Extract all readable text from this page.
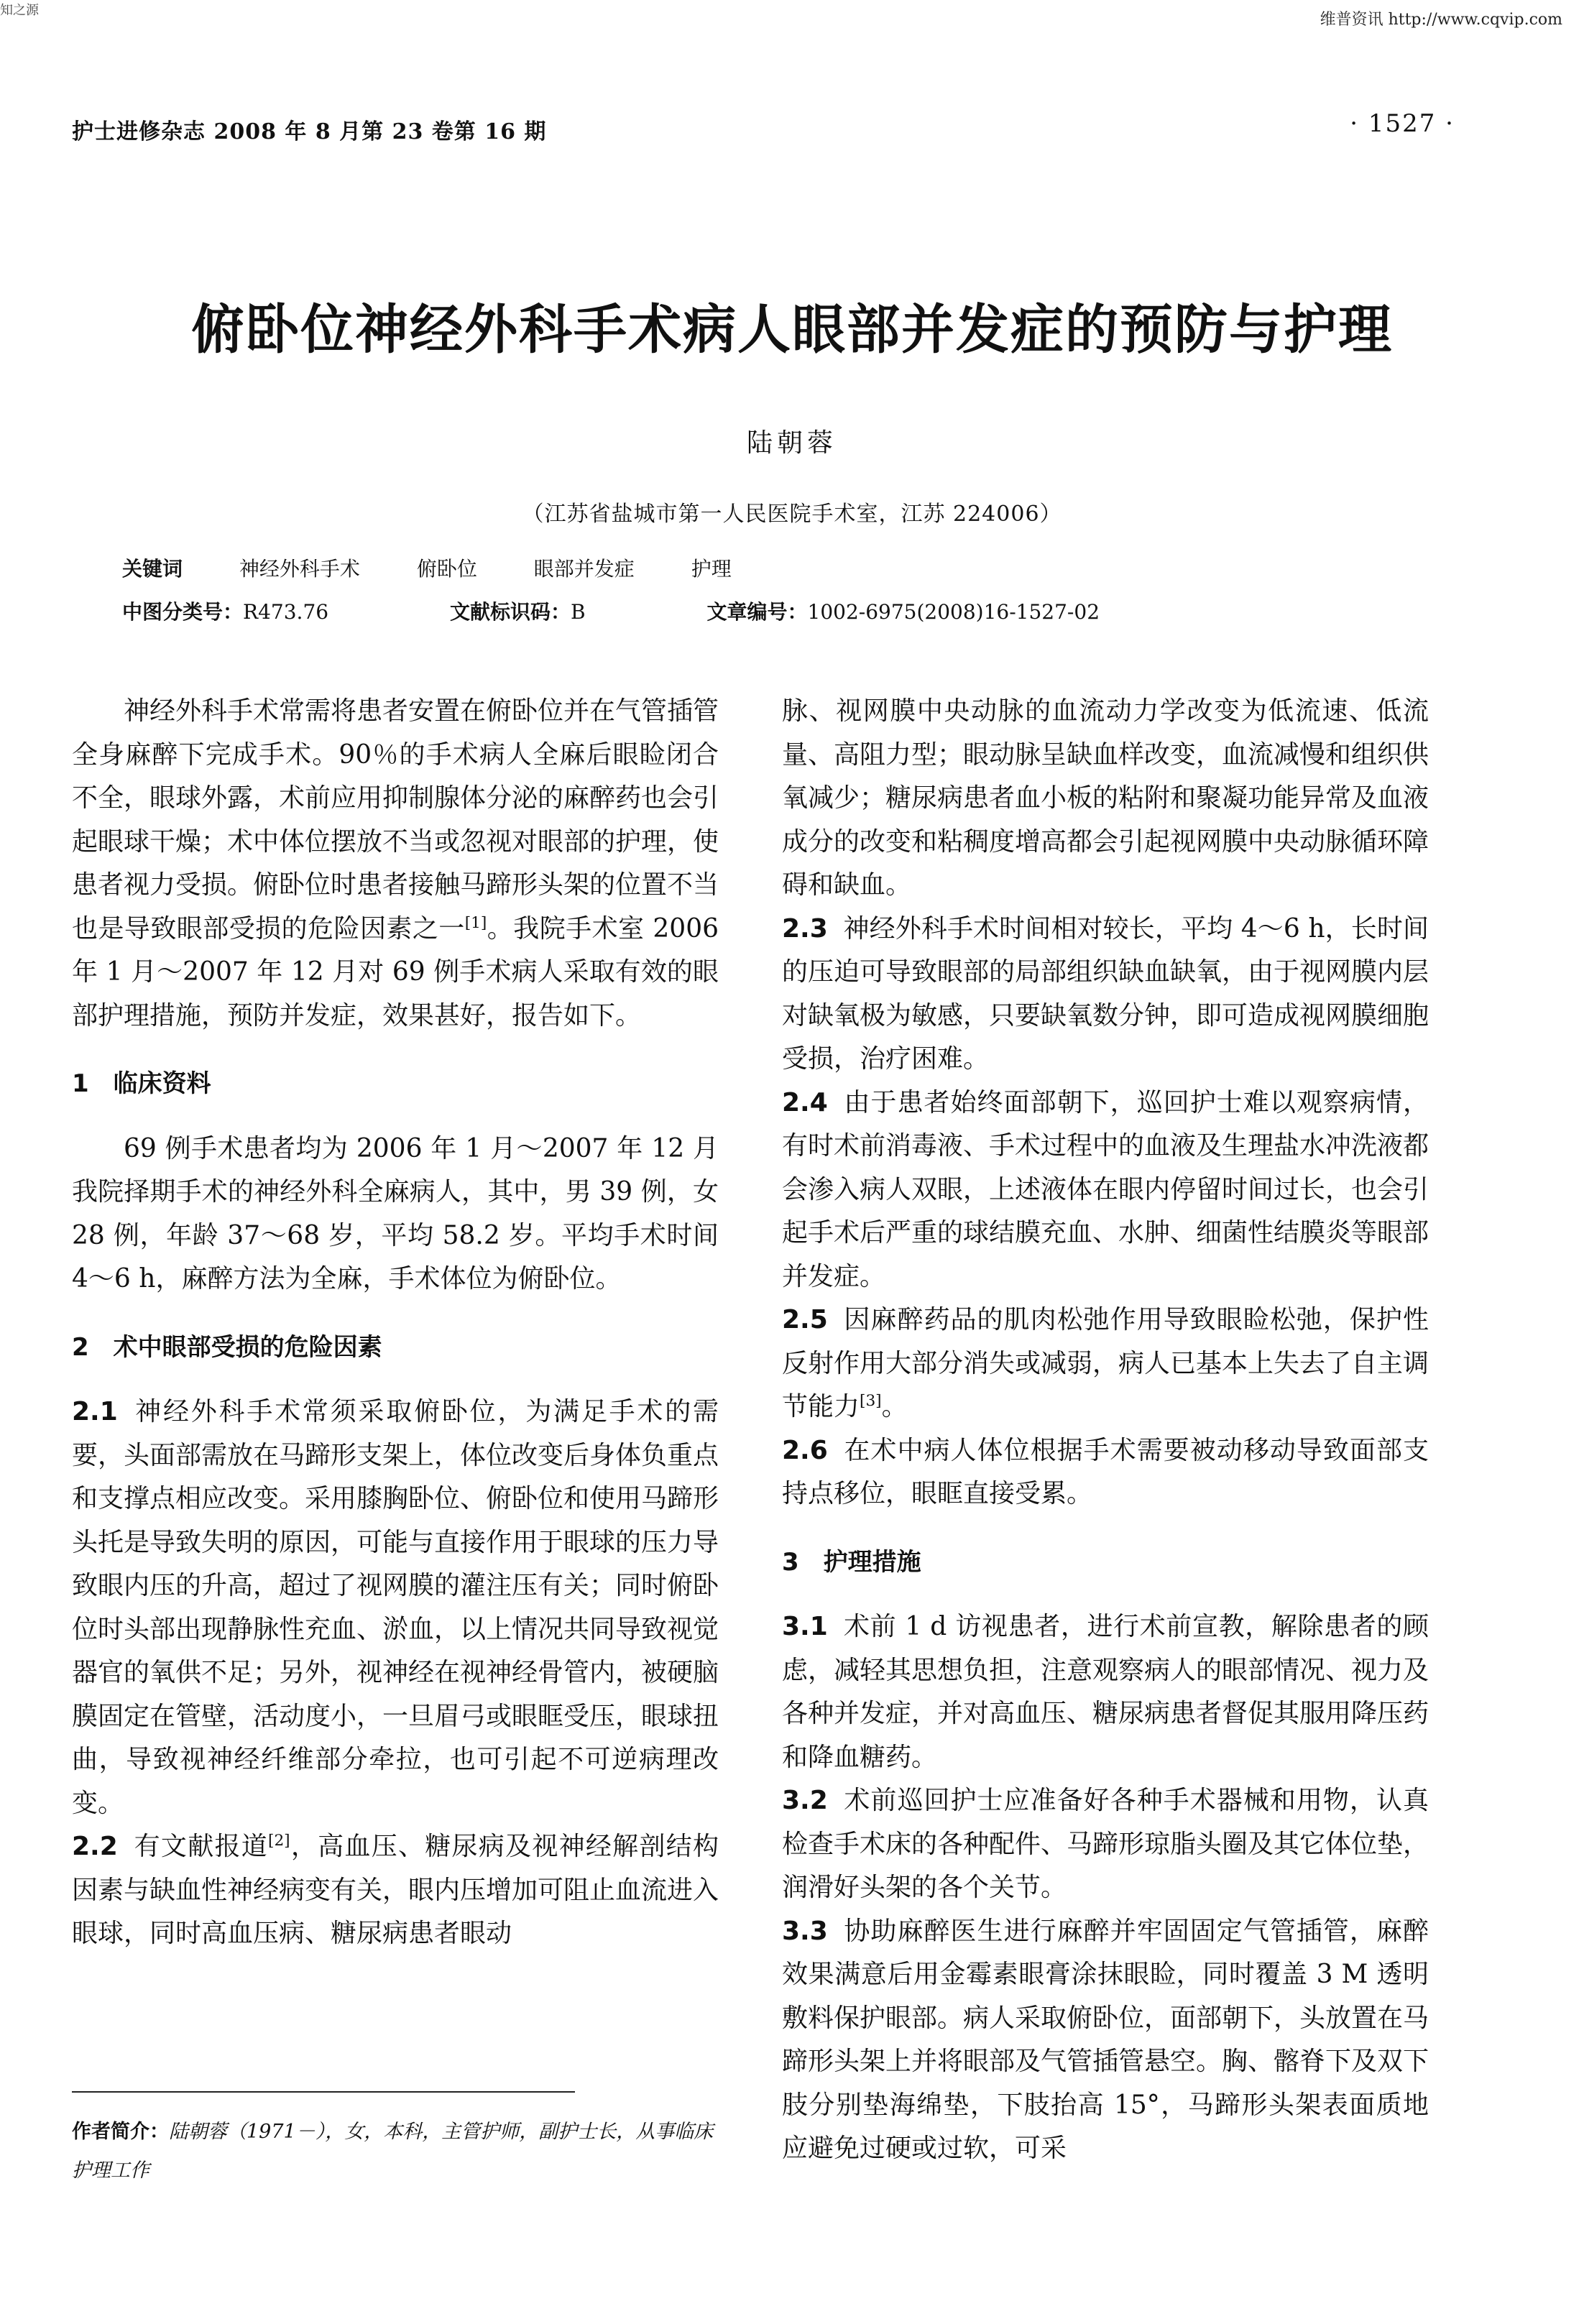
知之源
维普资讯 http://www.cqvip.com
护士进修杂志 2008 年 8 月第 23 卷第 16 期	· 1527 ·
俯卧位神经外科手术病人眼部并发症的预防与护理
陆朝蓉
（江苏省盐城市第一人民医院手术室，江苏 224006）
关键词	神经外科手术	俯卧位	眼部并发症	护理
中图分类号：R473.76	文献标识码：B	文章编号：1002-6975(2008)16-1527-02

神经外科手术常需将患者安置在俯卧位并在气管插管全身麻醉下完成手术。90％的手术病人全麻后眼睑闭合不全，眼球外露，术前应用抑制腺体分泌的麻醉药也会引起眼球干燥；术中体位摆放不当或忽视对眼部的护理，使患者视力受损。俯卧位时患者接触马蹄形头架的位置不当也是导致眼部受损的危险因素之一[1]。我院手术室 2006 年 1 月～2007 年 12 月对 69 例手术病人采取有效的眼部护理措施，预防并发症，效果甚好，报告如下。

1　临床资料

69 例手术患者均为 2006 年 1 月～2007 年 12 月我院择期手术的神经外科全麻病人，其中，男 39 例，女 28 例，年龄 37～68 岁，平均 58.2 岁。平均手术时间 4～6 h，麻醉方法为全麻，手术体位为俯卧位。

2　术中眼部受损的危险因素

2.1 神经外科手术常须采取俯卧位，为满足手术的需要，头面部需放在马蹄形支架上，体位改变后身体负重点和支撑点相应改变。采用膝胸卧位、俯卧位和使用马蹄形头托是导致失明的原因，可能与直接作用于眼球的压力导致眼内压的升高，超过了视网膜的灌注压有关；同时俯卧位时头部出现静脉性充血、淤血，以上情况共同导致视觉器官的氧供不足；另外，视神经在视神经骨管内，被硬脑膜固定在管壁，活动度小，一旦眉弓或眼眶受压，眼球扭曲，导致视神经纤维部分牵拉，也可引起不可逆病理改变。

2.2 有文献报道[2]，高血压、糖尿病及视神经解剖结构因素与缺血性神经病变有关，眼内压增加可阻止血流进入眼球，同时高血压病、糖尿病患者眼动

脉、视网膜中央动脉的血流动力学改变为低流速、低流量、高阻力型；眼动脉呈缺血样改变，血流减慢和组织供氧减少；糖尿病患者血小板的粘附和聚凝功能异常及血液成分的改变和粘稠度增高都会引起视网膜中央动脉循环障碍和缺血。

2.3 神经外科手术时间相对较长，平均 4～6 h，长时间的压迫可导致眼部的局部组织缺血缺氧，由于视网膜内层对缺氧极为敏感，只要缺氧数分钟，即可造成视网膜细胞受损，治疗困难。

2.4 由于患者始终面部朝下，巡回护士难以观察病情，有时术前消毒液、手术过程中的血液及生理盐水冲洗液都会渗入病人双眼，上述液体在眼内停留时间过长，也会引起手术后严重的球结膜充血、水肿、细菌性结膜炎等眼部并发症。

2.5 因麻醉药品的肌肉松弛作用导致眼睑松弛，保护性反射作用大部分消失或减弱，病人已基本上失去了自主调节能力[3]。

2.6 在术中病人体位根据手术需要被动移动导致面部支持点移位，眼眶直接受累。

3　护理措施

3.1 术前 1 d 访视患者，进行术前宣教，解除患者的顾虑，减轻其思想负担，注意观察病人的眼部情况、视力及各种并发症，并对高血压、糖尿病患者督促其服用降压药和降血糖药。

3.2 术前巡回护士应准备好各种手术器械和用物，认真检查手术床的各种配件、马蹄形琼脂头圈及其它体位垫，润滑好头架的各个关节。

3.3 协助麻醉医生进行麻醉并牢固固定气管插管，麻醉效果满意后用金霉素眼膏涂抹眼睑，同时覆盖 3 M 透明敷料保护眼部。病人采取俯卧位，面部朝下，头放置在马蹄形头架上并将眼部及气管插管悬空。胸、髂脊下及双下肢分别垫海绵垫，下肢抬高 15°，马蹄形头架表面质地应避免过硬或过软，可采

作者简介：陆朝蓉（1971－），女，本科，主管护师，副护士长，从事临床护理工作
